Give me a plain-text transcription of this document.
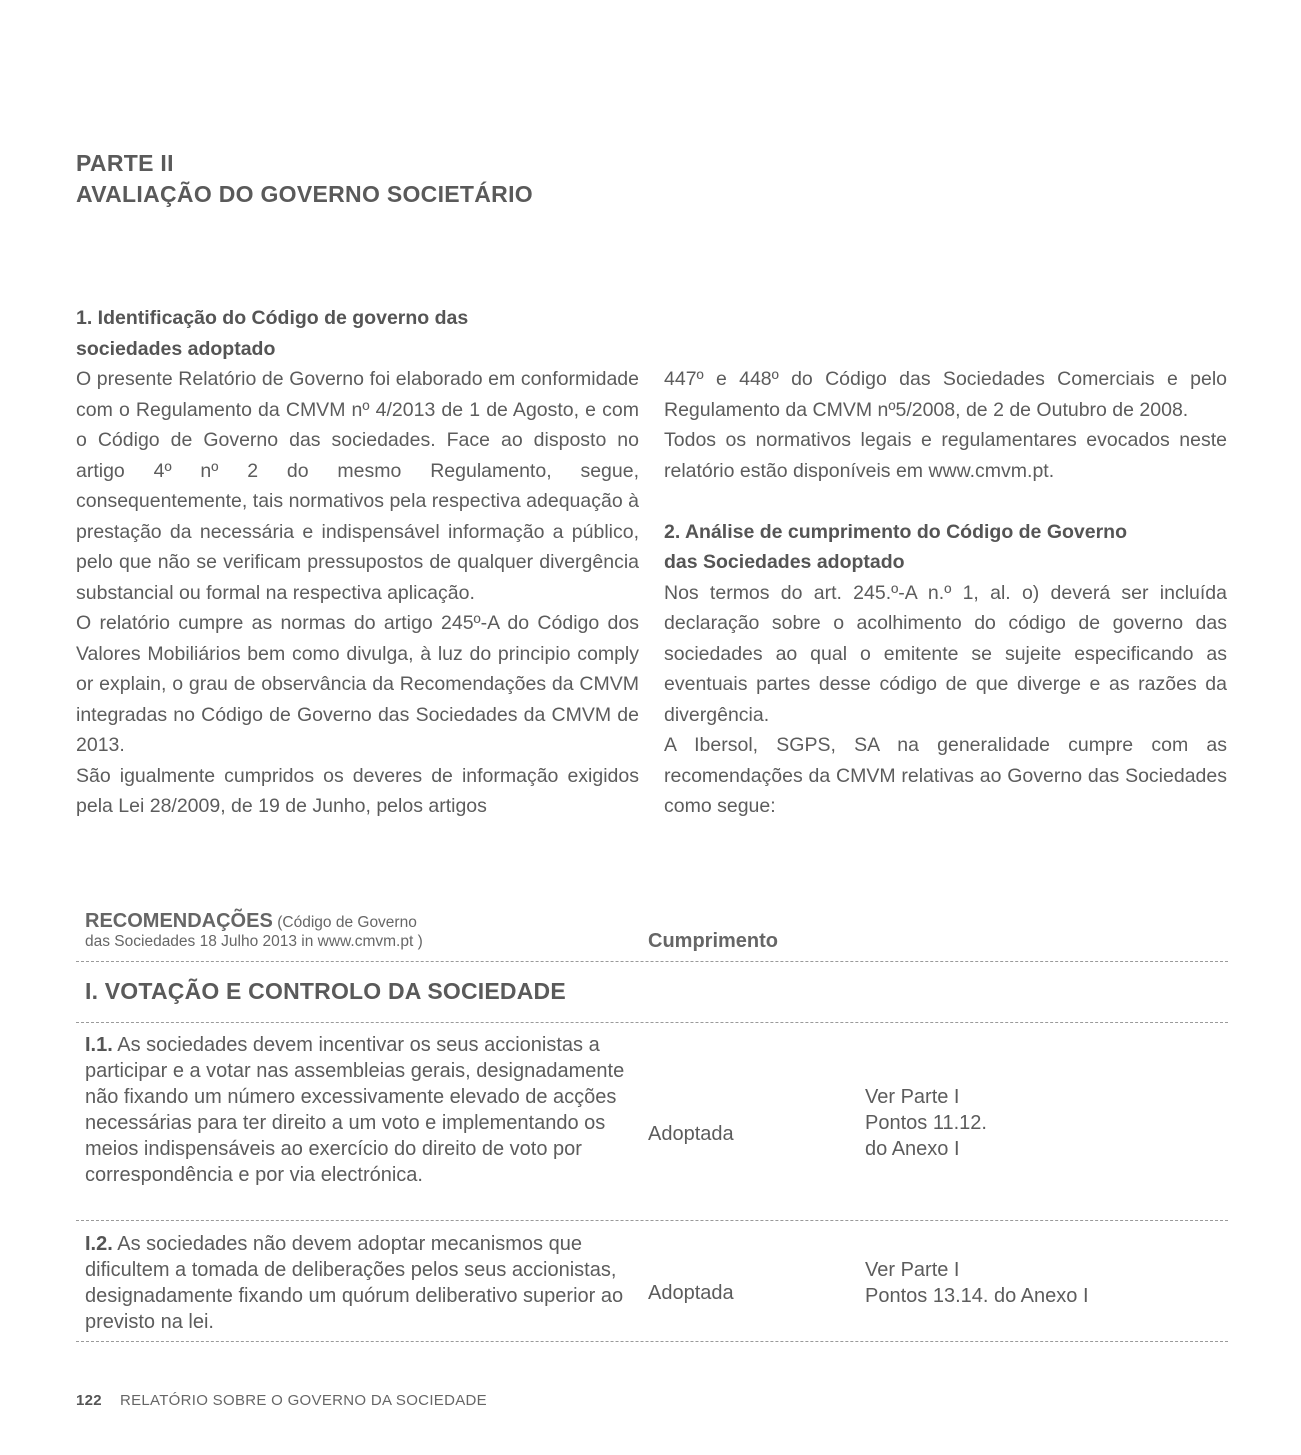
PARTE II
AVALIAÇÃO DO GOVERNO SOCIETÁRIO
1. Identificação do Código de governo das
sociedades adoptado

O presente Relatório de Governo foi elaborado em conformidade com o Regulamento da CMVM nº 4/2013 de 1 de Agosto, e com o Código de Governo das sociedades. Face ao disposto no artigo 4º nº 2 do mesmo Regulamento, segue, consequentemente, tais normativos pela respectiva adequação à prestação da necessária e indispensável informação a público, pelo que não se verificam pressupostos de qualquer divergência substancial ou formal na respectiva aplicação.

O relatório cumpre as normas do artigo 245º-A do Código dos Valores Mobiliários bem como divulga, à luz do principio comply or explain, o grau de observância da Recomendações da CMVM integradas no Código de Governo das Sociedades da CMVM de 2013.

São igualmente cumpridos os deveres de informação exigidos pela Lei 28/2009, de 19 de Junho, pelos artigos

447º e 448º do Código das Sociedades Comerciais e pelo Regulamento da CMVM nº5/2008, de 2 de Outubro de 2008.

Todos os normativos legais e regulamentares evocados neste relatório estão disponíveis em www.cmvm.pt.

2. Análise de cumprimento do Código de Governo
das Sociedades adoptado

Nos termos do art. 245.º-A n.º 1, al. o) deverá ser incluída declaração sobre o acolhimento do código de governo das sociedades ao qual o emitente se sujeite especificando as eventuais partes desse código de que diverge e as razões da divergência.

A Ibersol, SGPS, SA na generalidade cumpre com as recomendações da CMVM relativas ao Governo das Sociedades como segue:

RECOMENDAÇÕES (Código de Governo
das Sociedades 18 Julho 2013 in www.cmvm.pt )	Cumprimento
I. VOTAÇÃO E CONTROLO DA SOCIEDADE
I.1. As sociedades devem incentivar os seus accionistas a participar e a votar nas assembleias gerais, designadamente não fixando um número excessivamente elevado de acções necessárias para ter direito a um voto e implementando os meios indispensáveis ao exercício do direito de voto por correspondência e por via electrónica.
Adoptada
Ver Parte I
Pontos 11.12.
do Anexo I
I.2. As sociedades não devem adoptar mecanismos que dificultem a tomada de deliberações pelos seus accionistas, designadamente fixando um quórum deliberativo superior ao previsto na lei.
Adoptada
Ver Parte I
Pontos 13.14. do Anexo I
122 RELATÓRIO SOBRE O GOVERNO DA SOCIEDADE
